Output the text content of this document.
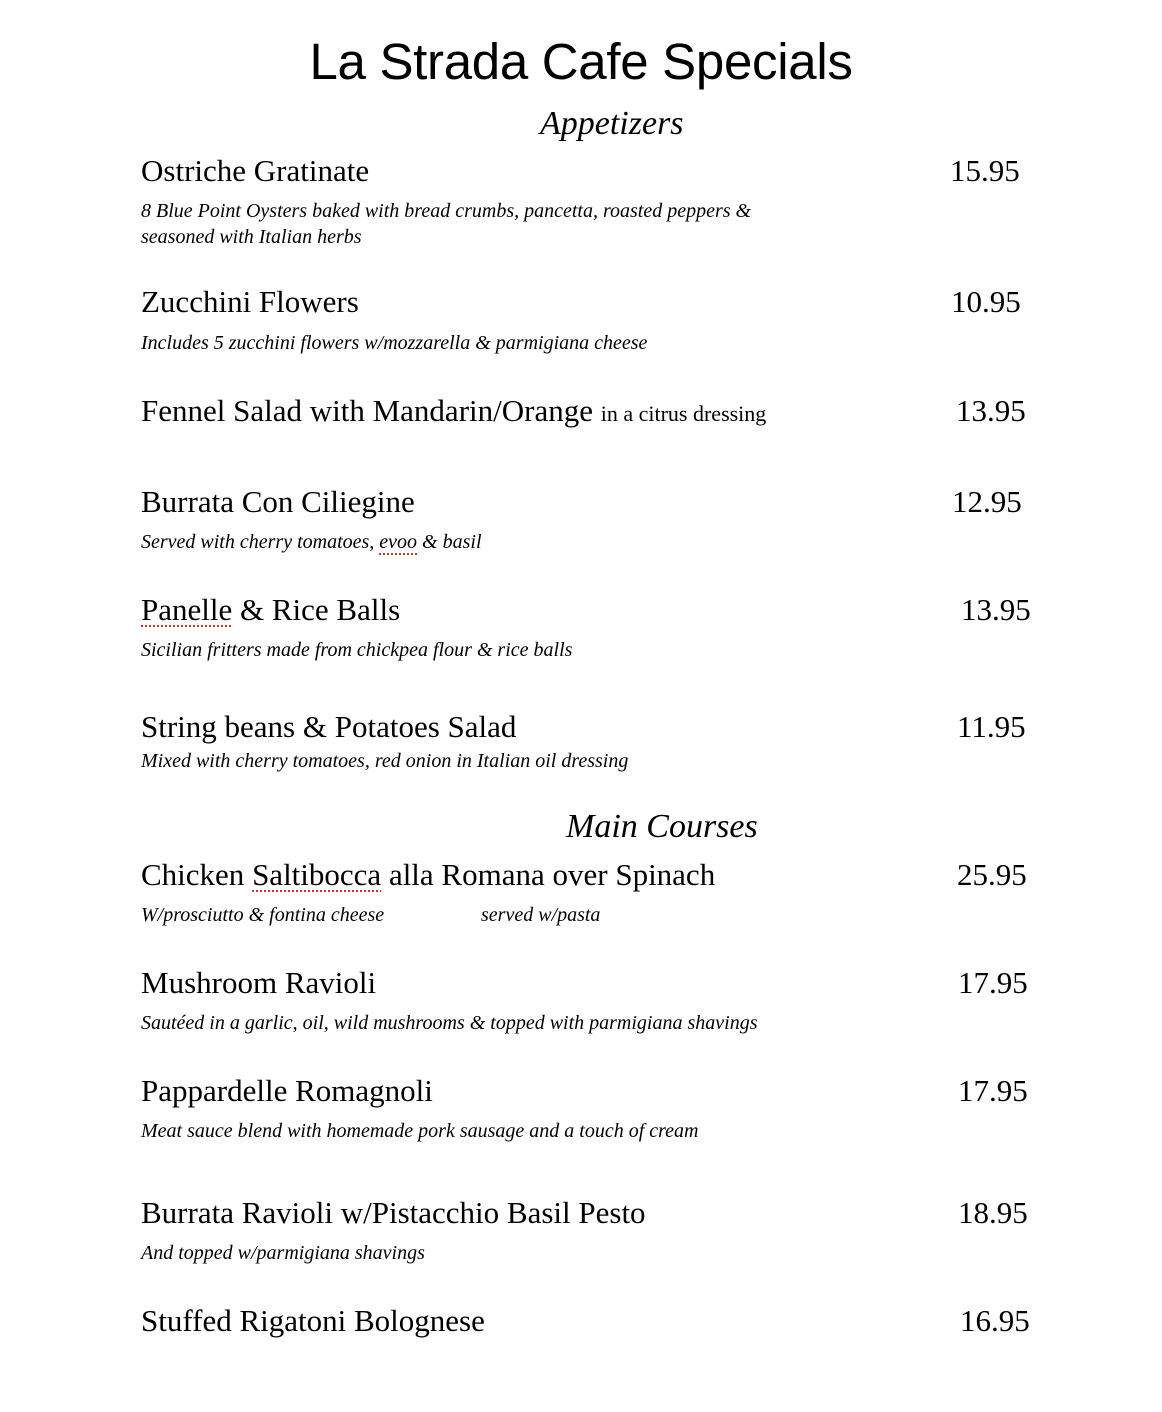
La Strada Cafe Specials
Appetizers
Ostriche Gratinate	15.95
8 Blue Point Oysters baked with bread crumbs, pancetta, roasted peppers &
seasoned with Italian herbs
Zucchini Flowers	10.95
Includes 5 zucchini flowers w/mozzarella & parmigiana cheese
Fennel Salad with Mandarin/Orange in a citrus dressing	13.95
Burrata Con Ciliegine	12.95
Served with cherry tomatoes, evoo & basil
Panelle & Rice Balls	13.95
Sicilian fritters made from chickpea flour & rice balls
String beans & Potatoes Salad	11.95
Mixed with cherry tomatoes, red onion in Italian oil dressing
Main Courses
Chicken Saltibocca alla Romana over Spinach	25.95
W/prosciutto & fontina cheese	served w/pasta
Mushroom Ravioli	17.95
Sautéed in a garlic, oil, wild mushrooms & topped with parmigiana shavings
Pappardelle Romagnoli	17.95
Meat sauce blend with homemade pork sausage and a touch of cream
Burrata Ravioli w/Pistacchio Basil Pesto	18.95
And topped w/parmigiana shavings
Stuffed Rigatoni Bolognese	16.95
